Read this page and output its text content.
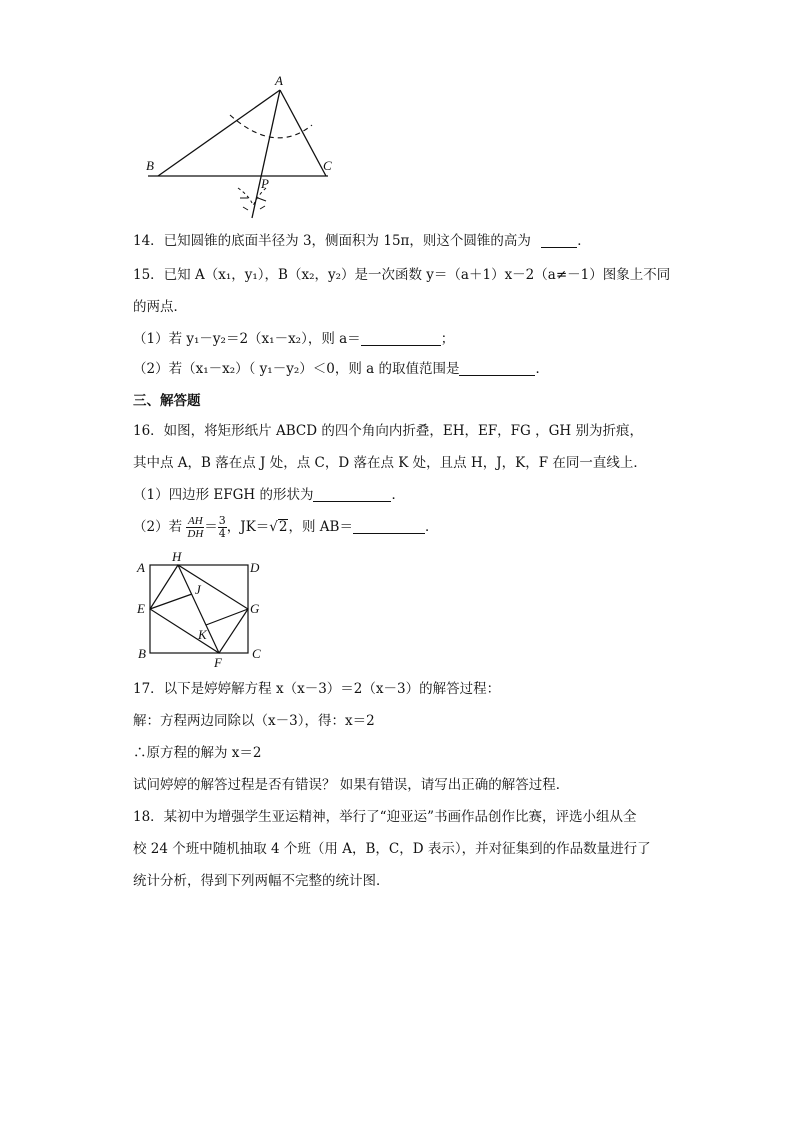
A
B	C
P
14．已知圆锥的底面半径为 3，侧面积为 15π，则这个圆锥的高为	．
15．已知 A（x₁，y₁），B（x₂，y₂）是一次函数 y＝（a＋1）x－2（a≠－1）图象上不同
的两点．
（1）若 y₁－y₂＝2（x₁－x₂），则 a＝	；
（2）若（x₁－x₂）（ y₁－y₂）＜0，则 a 的取值范围是	．
三、解答题
16．如图，将矩形纸片 ABCD 的四个角向内折叠，EH，EF，FG ，GH 别为折痕，
其中点 A，B 落在点 J 处，点 C，D 落在点 K 处，且点 H，J，K，F 在同一直线上．
（1）四边形 EFGH 的形状为	．
（2）若 $\frac{AH}{DH} = \frac{3}{4}$ ，JK＝√2，则 AB＝	．
A
H
D
J
E	G
K
B
F
C
17．以下是婷婷解方程 x（x－3）＝2（x－3）的解答过程：
解：方程两边同除以（x－3），得：x＝2
∴原方程的解为 x＝2
试问婷婷的解答过程是否有错误？ 如果有错误，请写出正确的解答过程．
18．某初中为增强学生亚运精神，举行了“迎亚运”书画作品创作比赛，评选小组从全
校 24 个班中随机抽取 4 个班（用 A，B，C，D 表示），并对征集到的作品数量进行了
统计分析，得到下列两幅不完整的统计图．
